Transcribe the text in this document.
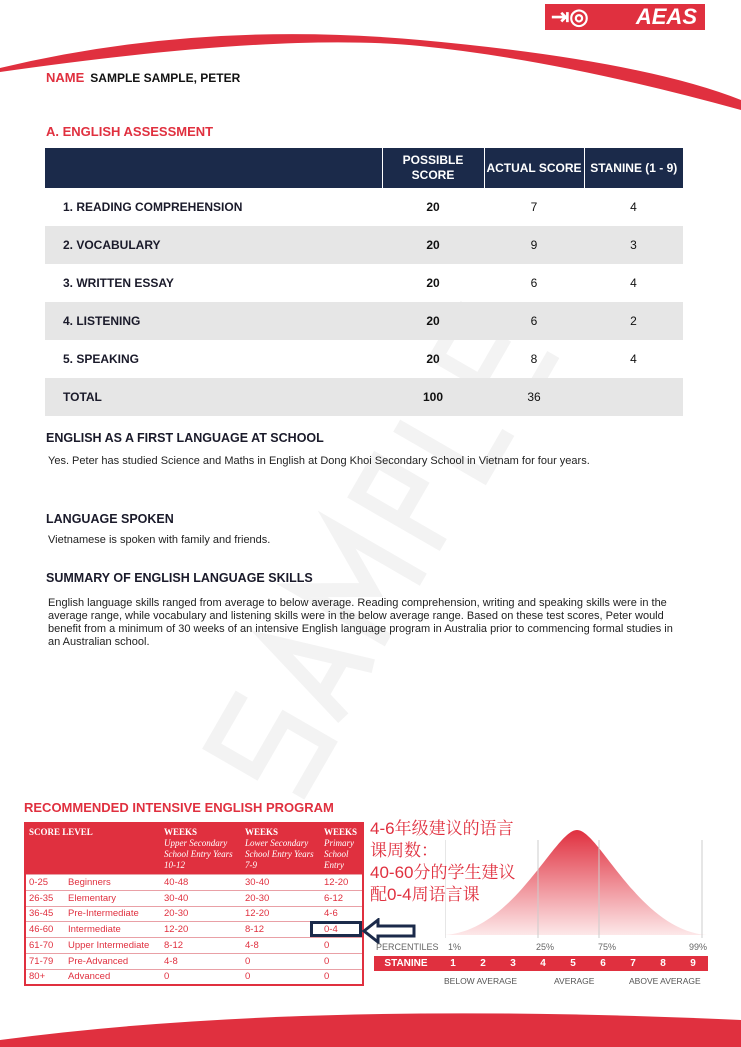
⇥◎ AEAS
NAME SAMPLE SAMPLE, PETER
A. ENGLISH ASSESSMENT
	POSSIBLE SCORE	ACTUAL SCORE	STANINE (1 - 9)
1. READING COMPREHENSION	20	7	4
2. VOCABULARY	20	9	3
3. WRITTEN ESSAY	20	6	4
4. LISTENING	20	6	2
5. SPEAKING	20	8	4
TOTAL	100	36	
ENGLISH AS A FIRST LANGUAGE AT SCHOOL
Yes. Peter has studied Science and Maths in English at Dong Khoi Secondary School in Vietnam for four years.
LANGUAGE SPOKEN
Vietnamese is spoken with family and friends.
SUMMARY OF ENGLISH LANGUAGE SKILLS
English language skills ranged from average to below average. Reading comprehension, writing and speaking skills were in the average range, while vocabulary and listening skills were in the below average range. Based on these test scores, Peter would benefit from a minimum of 30 weeks of an intensive English language program in Australia prior to commencing formal studies in an Australian school.
RECOMMENDED INTENSIVE ENGLISH PROGRAM
SCORE LEVEL		WEEKS
Upper Secondary School Entry Years 10-12	WEEKS
Lower Secondary School Entry Years 7-9	WEEKS
Primary School Entry
0-25	Beginners	40-48	30-40	12-20
26-35	Elementary	30-40	20-30	6-12
36-45	Pre-Intermediate	20-30	12-20	4-6
46-60	Intermediate	12-20	8-12	0-4
61-70	Upper Intermediate	8-12	4-8	0
71-79	Pre-Advanced	4-8	0	0
80+	Advanced	0	0	0
4-6年级建议的语言
课周数：
40-60分的学生建议
配0-4周语言课
PERCENTILES 1%	25%	75%	99%
STANINE	1	2	3	4	5	6	7	8	9
BELOW AVERAGE	AVERAGE	ABOVE AVERAGE
